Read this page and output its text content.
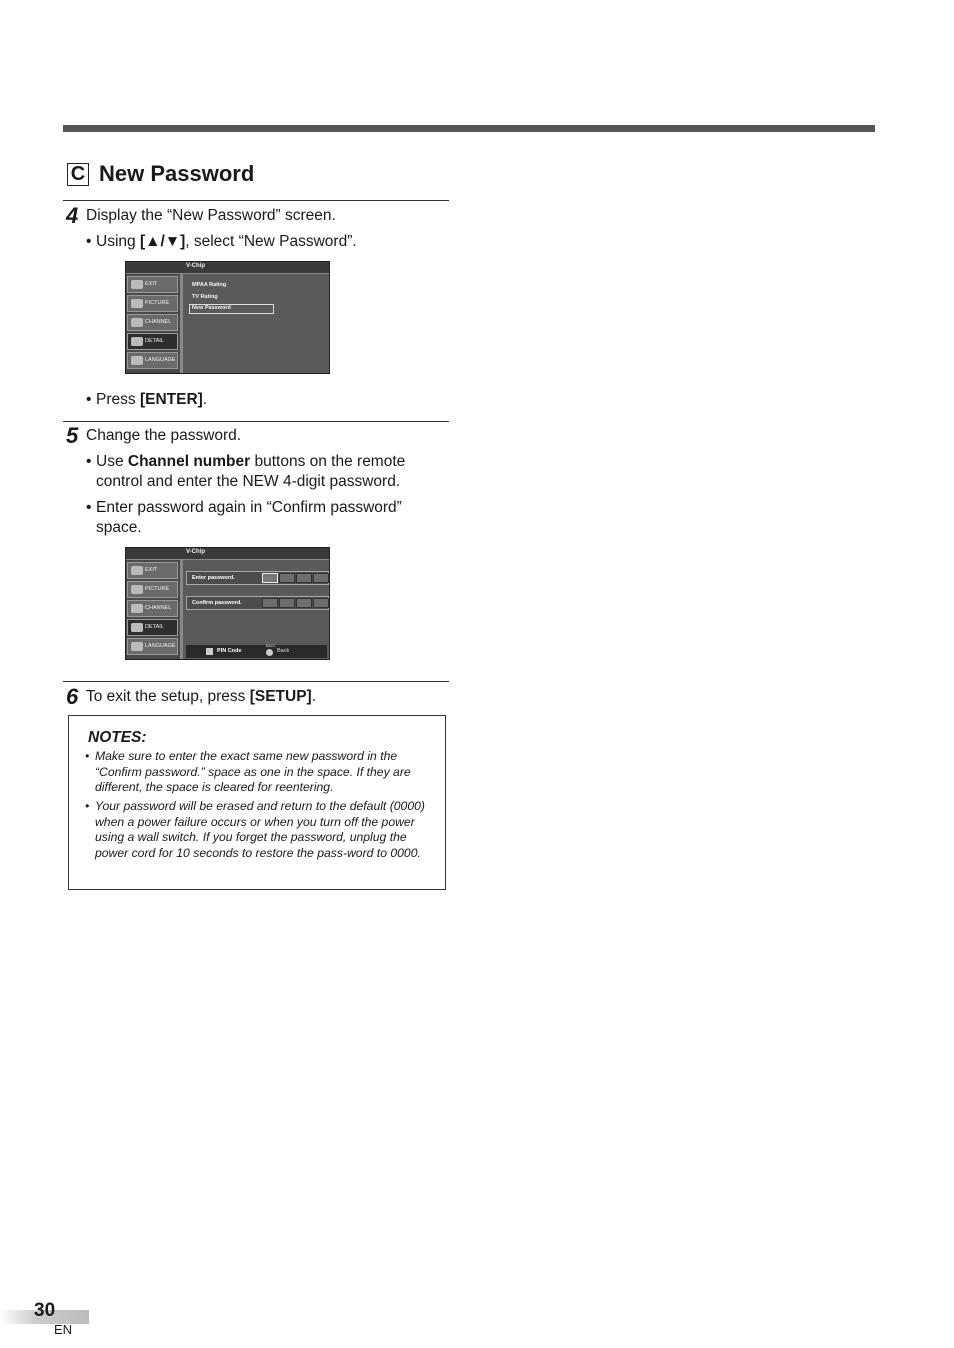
C New Password
4 Display the “New Password” screen.
• Using [▲/▼], select “New Password”.
V-Chip
EXIT
PICTURE
CHANNEL
DETAIL
LANGUAGE
MPAA Rating
TV Rating
New Password
• Press [ENTER].
5 Change the password.
• Use Channel number buttons on the remote control and enter the NEW 4-digit password.
• Enter password again in “Confirm password” space.
V-Chip
EXIT
PICTURE
CHANNEL
DETAIL
LANGUAGE
Enter password.
Confirm password.
PIN Code
BACK
Back
6 To exit the setup, press [SETUP].
NOTES:
• Make sure to enter the exact same new password in the “Confirm password.” space as one in the space. If they are different, the space is cleared for reentering.
• Your password will be erased and return to the default (0000) when a power failure occurs or when you turn off the power using a wall switch. If you forget the password, unplug the power cord for 10 seconds to restore the pass-word to 0000.
30
EN
